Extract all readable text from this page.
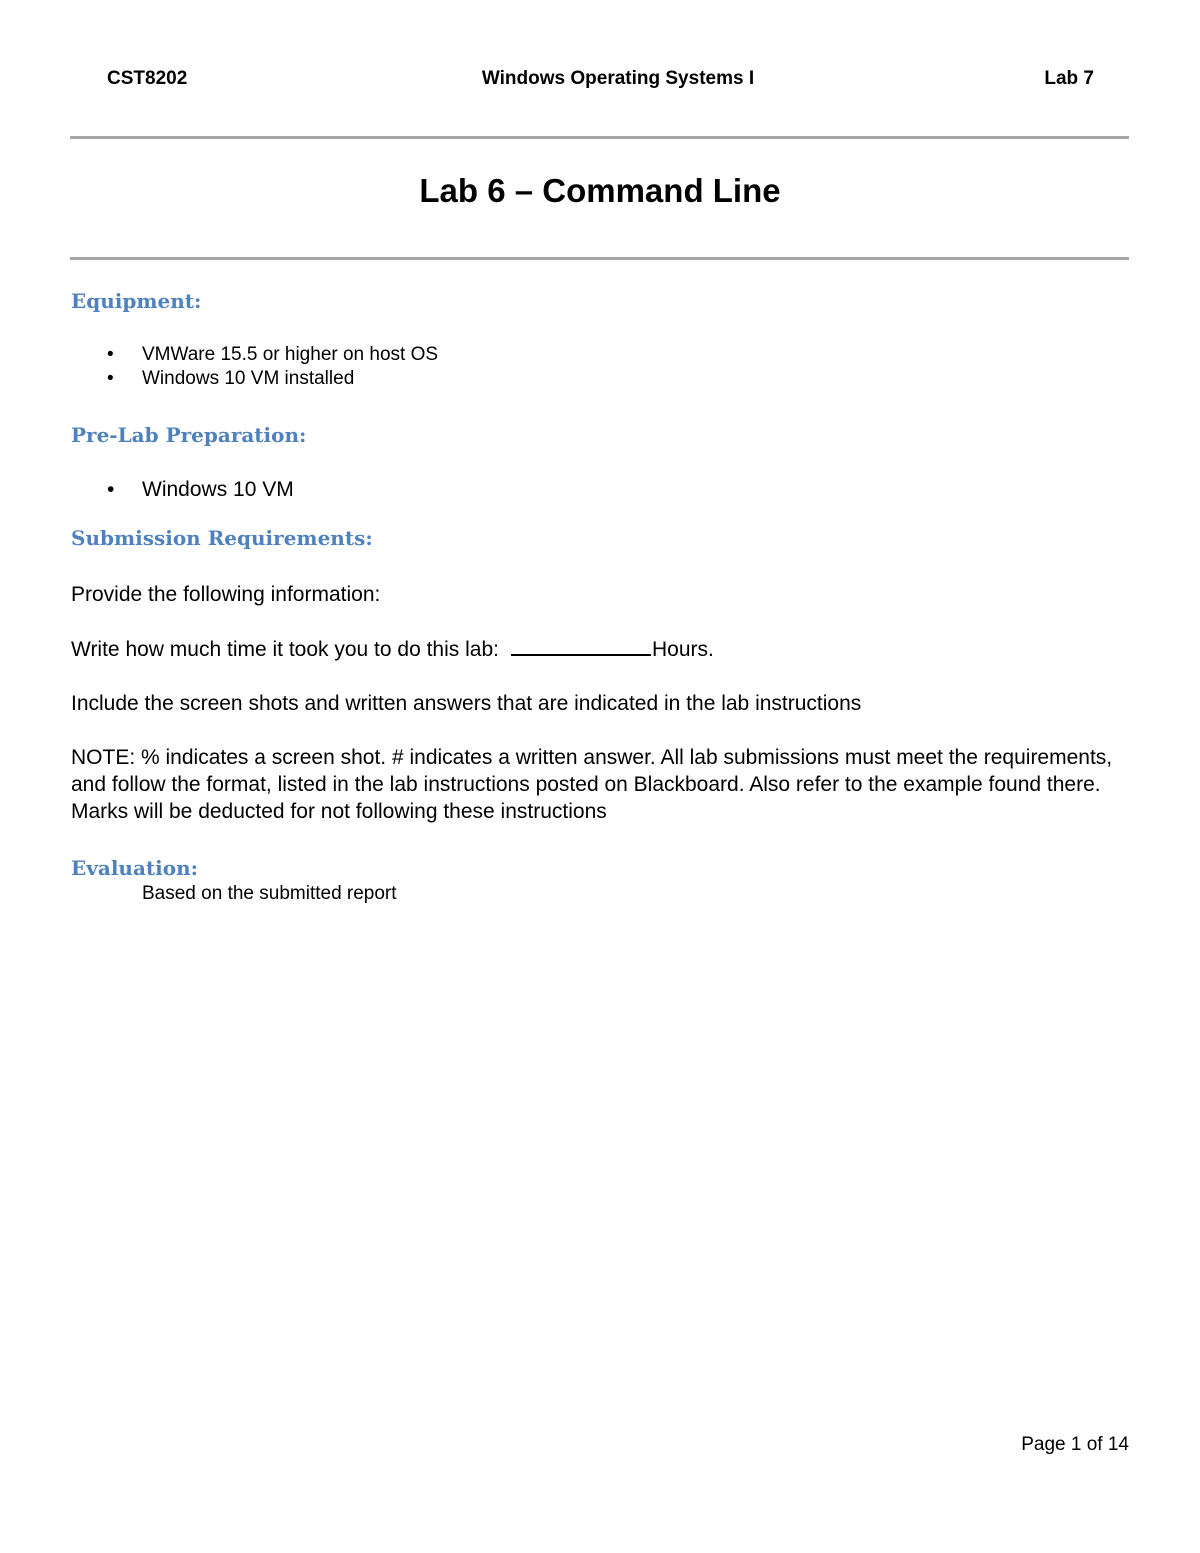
CST8202	Windows Operating Systems I	Lab 7
Lab 6 – Command Line
Equipment:
• VMWare 15.5 or higher on host OS
• Windows 10 VM installed
Pre-Lab Preparation:
• Windows 10 VM
Submission Requirements:

Provide the following information:

Write how much time it took you to do this lab:	Hours.

Include the screen shots and written answers that are indicated in the lab instructions

NOTE: % indicates a screen shot. # indicates a written answer. All lab submissions must meet the requirements, and follow the format, listed in the lab instructions posted on Blackboard. Also refer to the example found there. Marks will be deducted for not following these instructions

Evaluation:
Based on the submitted report
Page 1 of 14
